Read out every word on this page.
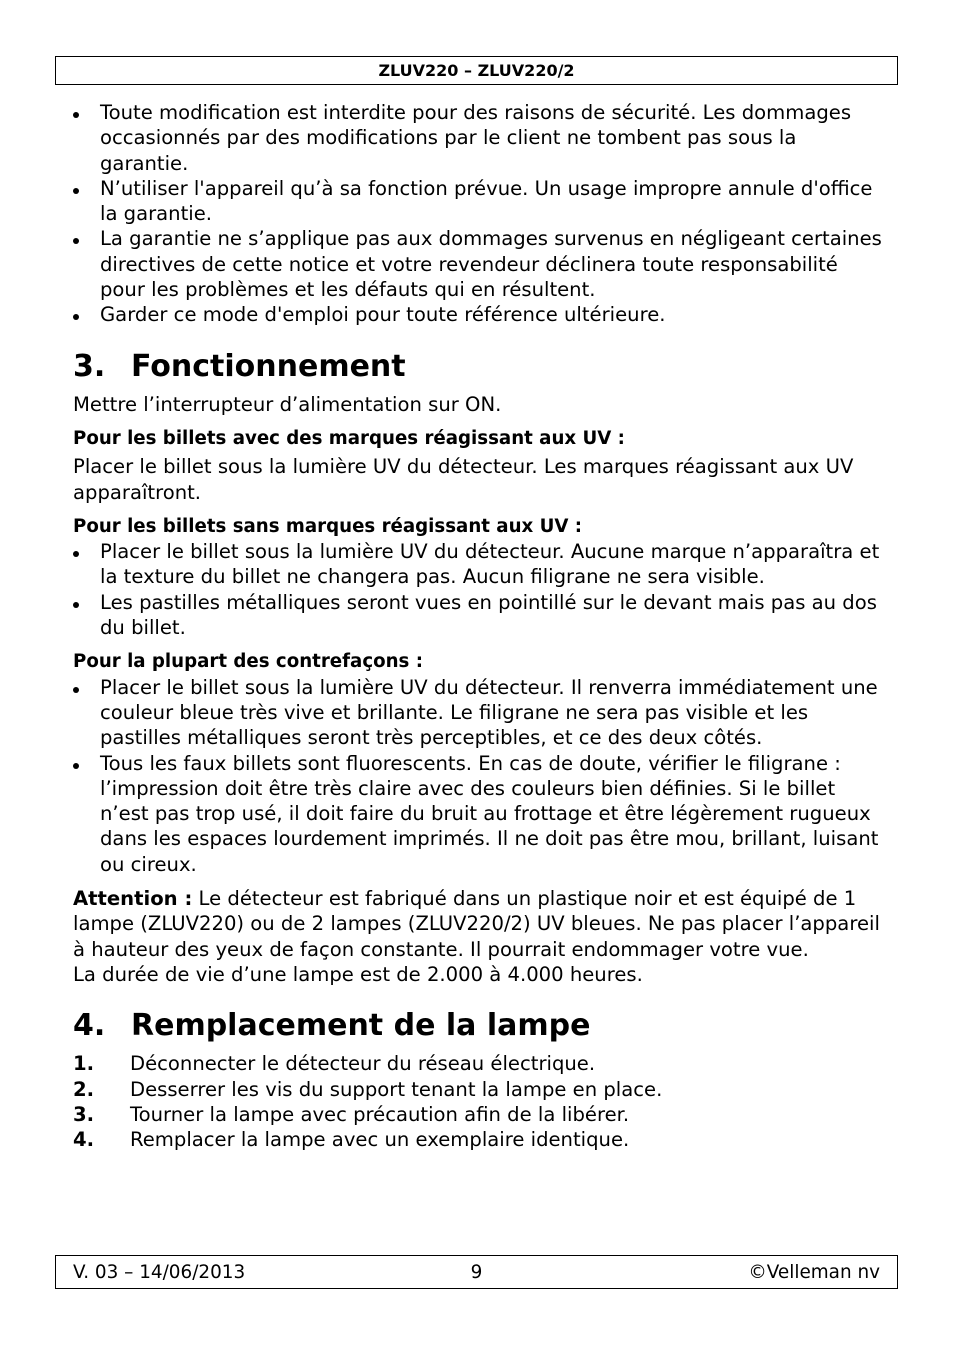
ZLUV220 – ZLUV220/2
Toute modification est interdite pour des raisons de sécurité. Les dommages occasionnés par des modifications par le client ne tombent pas sous la garantie.
N’utiliser l'appareil qu’à sa fonction prévue. Un usage impropre annule d'office la garantie.
La garantie ne s’applique pas aux dommages survenus en négligeant certaines directives de cette notice et votre revendeur déclinera toute responsabilité pour les problèmes et les défauts qui en résultent.
Garder ce mode d'emploi pour toute référence ultérieure.
3. Fonctionnement

Mettre l’interrupteur d’alimentation sur ON.

Pour les billets avec des marques réagissant aux UV :

Placer le billet sous la lumière UV du détecteur. Les marques réagissant aux UV apparaîtront.

Pour les billets sans marques réagissant aux UV :

Placer le billet sous la lumière UV du détecteur. Aucune marque n’apparaîtra et la texture du billet ne changera pas. Aucun filigrane ne sera visible.
Les pastilles métalliques seront vues en pointillé sur le devant mais pas au dos du billet.

Pour la plupart des contrefaçons :

Placer le billet sous la lumière UV du détecteur. Il renverra immédiatement une couleur bleue très vive et brillante. Le filigrane ne sera pas visible et les pastilles métalliques seront très perceptibles, et ce des deux côtés.
Tous les faux billets sont fluorescents. En cas de doute, vérifier le filigrane : l’impression doit être très claire avec des couleurs bien définies. Si le billet n’est pas trop usé, il doit faire du bruit au frottage et être légèrement rugueux dans les espaces lourdement imprimés. Il ne doit pas être mou, brillant, luisant ou cireux.

Attention : Le détecteur est fabriqué dans un plastique noir et est équipé de 1 lampe (ZLUV220) ou de 2 lampes (ZLUV220/2) UV bleues. Ne pas placer l’appareil à hauteur des yeux de façon constante. Il pourrait endommager votre vue.

La durée de vie d’une lampe est de 2.000 à 4.000 heures.

4. Remplacement de la lampe
1.	Déconnecter le détecteur du réseau électrique.
2.	Desserrer les vis du support tenant la lampe en place.
3.	Tourner la lampe avec précaution afin de la libérer.
4.	Remplacer la lampe avec un exemplaire identique.
V. 03 – 14/06/2013	9	©Velleman nv
